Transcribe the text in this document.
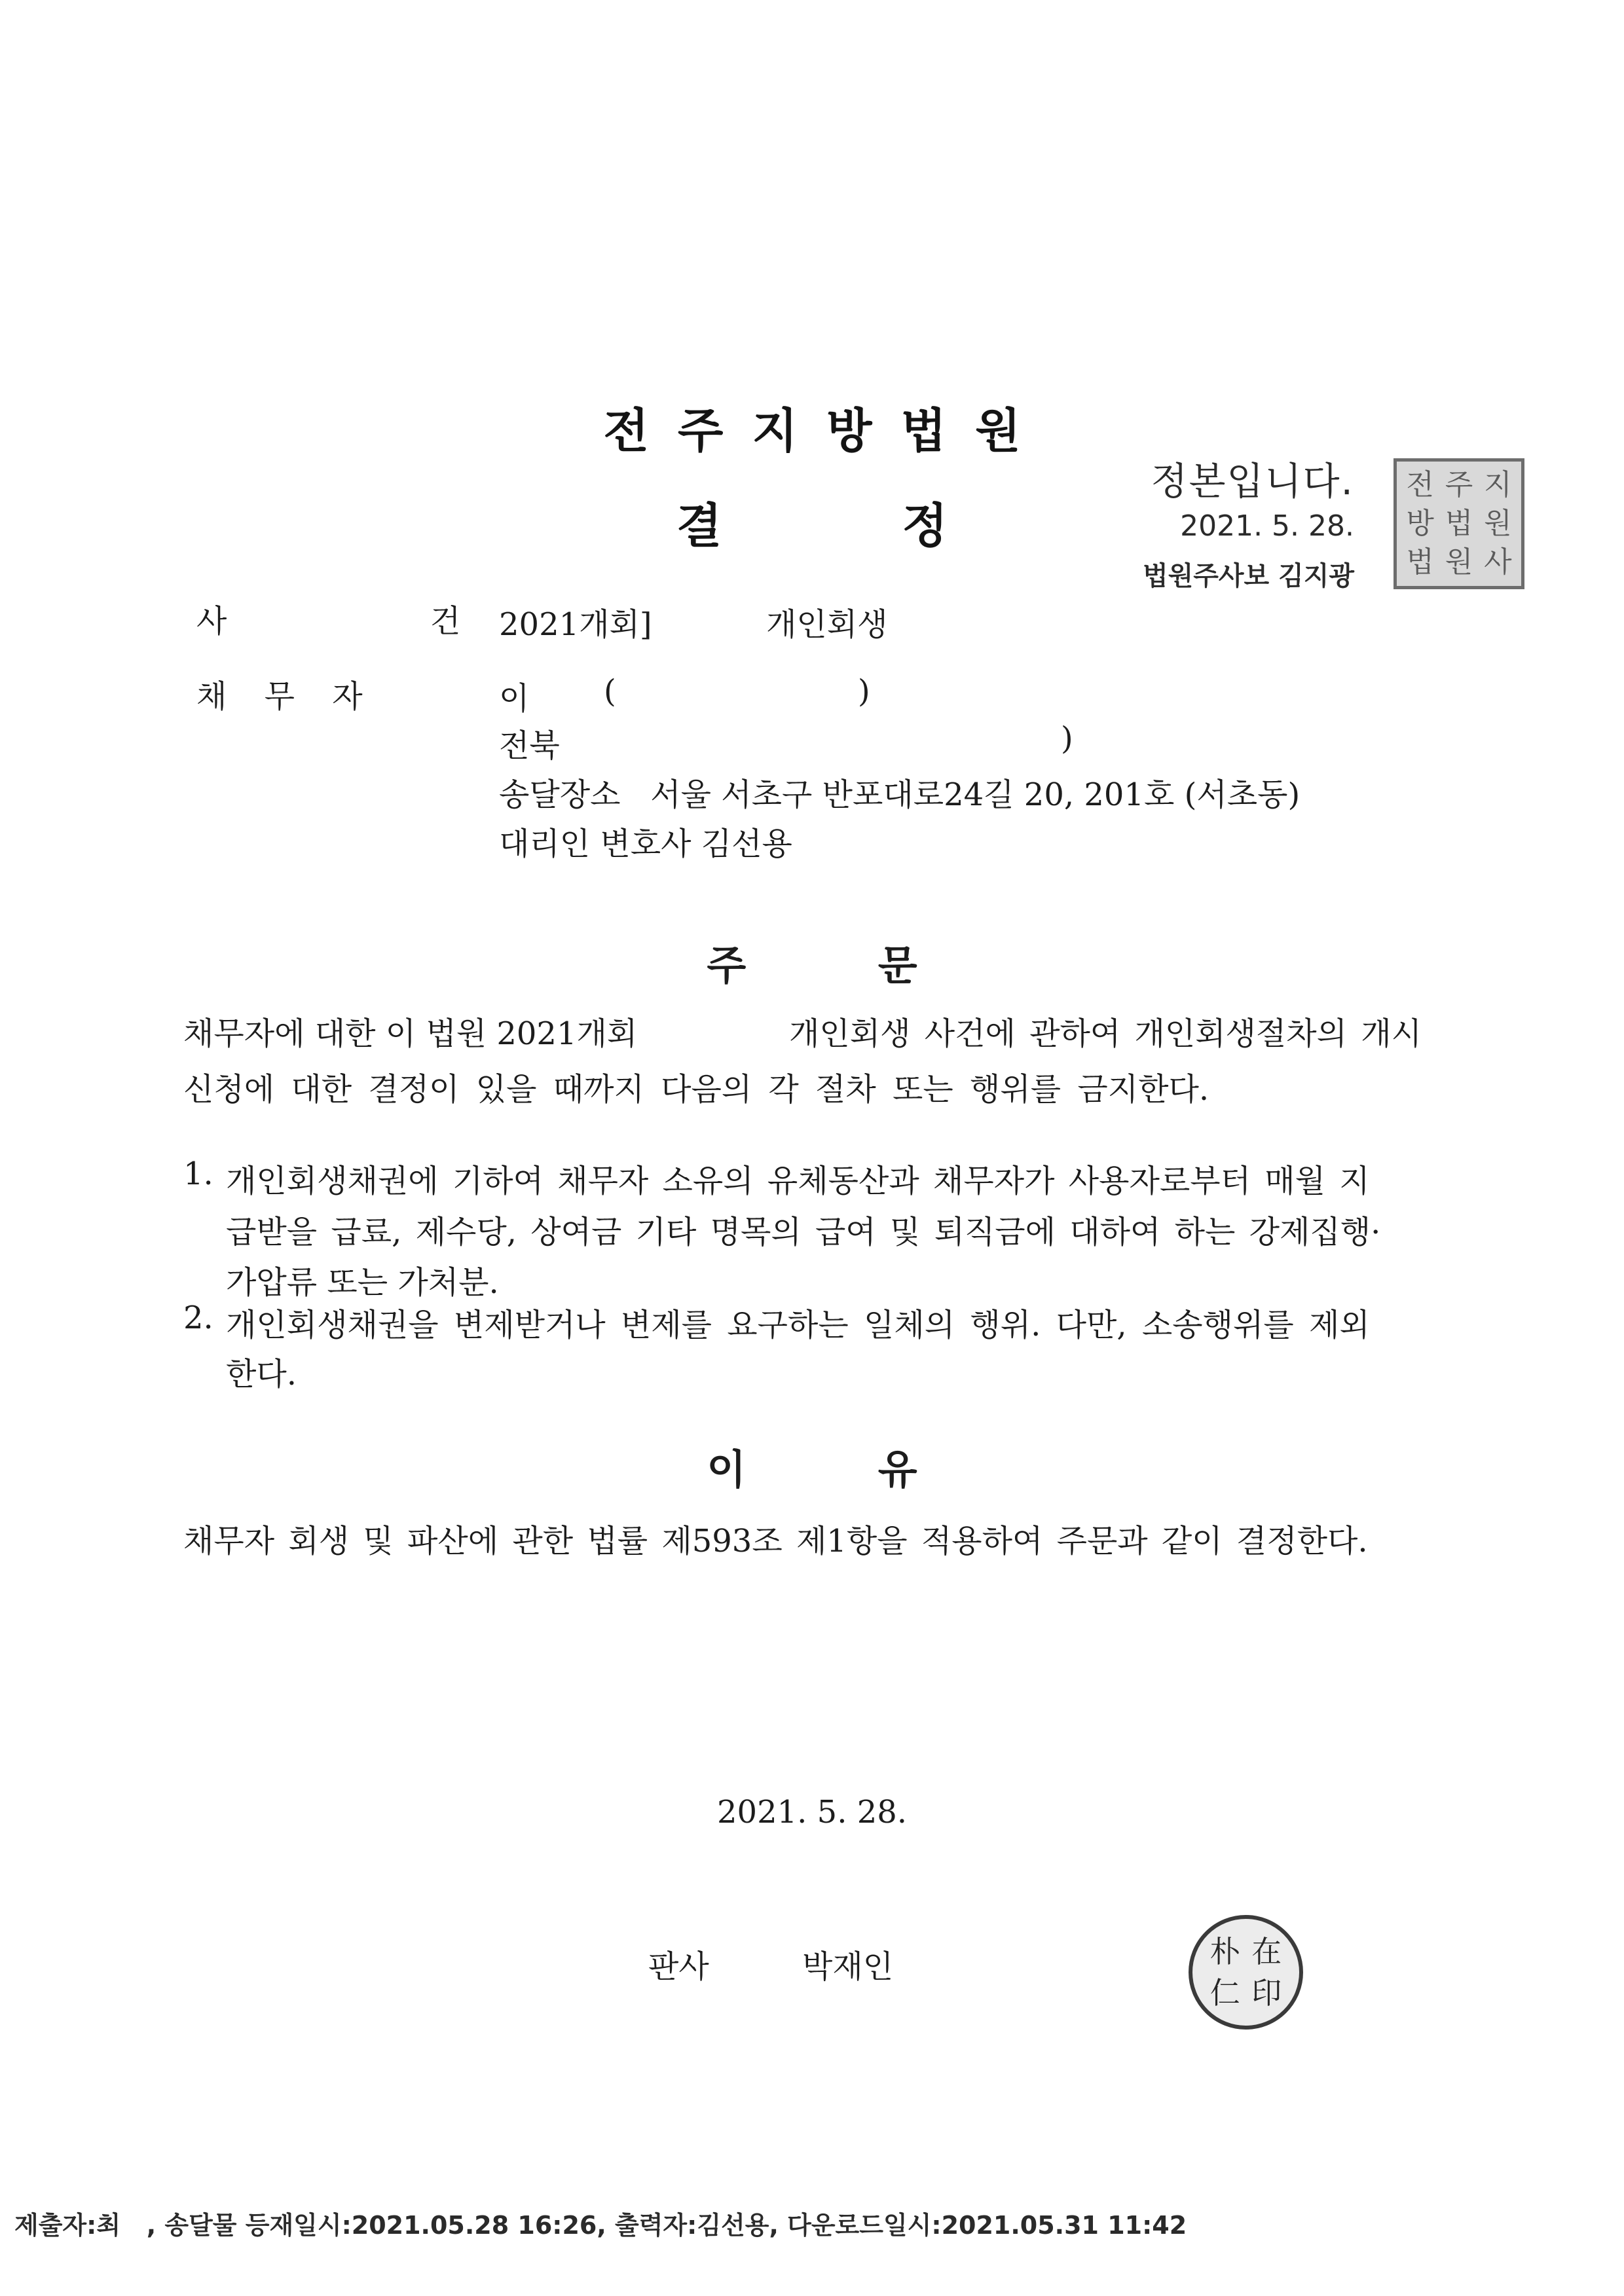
전주지방법원
결 정
정본입니다.
2021. 5. 28.
법원주사보 김지광
전 주 지
방 법 원
법 원 사
사  건 2021개회]	개인회생
채 무 자	이 (	)
전북	)
송달장소   서울 서초구 반포대로24길 20, 201호 (서초동)
대리인 변호사 김선용
주 문
채무자에 대한 이 법원 2021개회	개인회생 사건에 관하여 개인회생절차의 개시
신청에 대한 결정이 있을 때까지 다음의 각 절차 또는 행위를 금지한다.
1. 개인회생채권에 기하여 채무자 소유의 유체동산과 채무자가 사용자로부터 매월 지
급받을 급료, 제수당, 상여금 기타 명목의 급여 및 퇴직금에 대하여 하는 강제집행·
가압류 또는 가처분.
2. 개인회생채권을 변제받거나 변제를 요구하는 일체의 행위. 다만, 소송행위를 제외
한다.
이 유
채무자 회생 및 파산에 관한 법률 제593조 제1항을 적용하여 주문과 같이 결정한다.
2021. 5. 28.
판사	박재인	朴 在
仁 印
제출자:최   , 송달물 등재일시:2021.05.28 16:26, 출력자:김선용, 다운로드일시:2021.05.31 11:42
